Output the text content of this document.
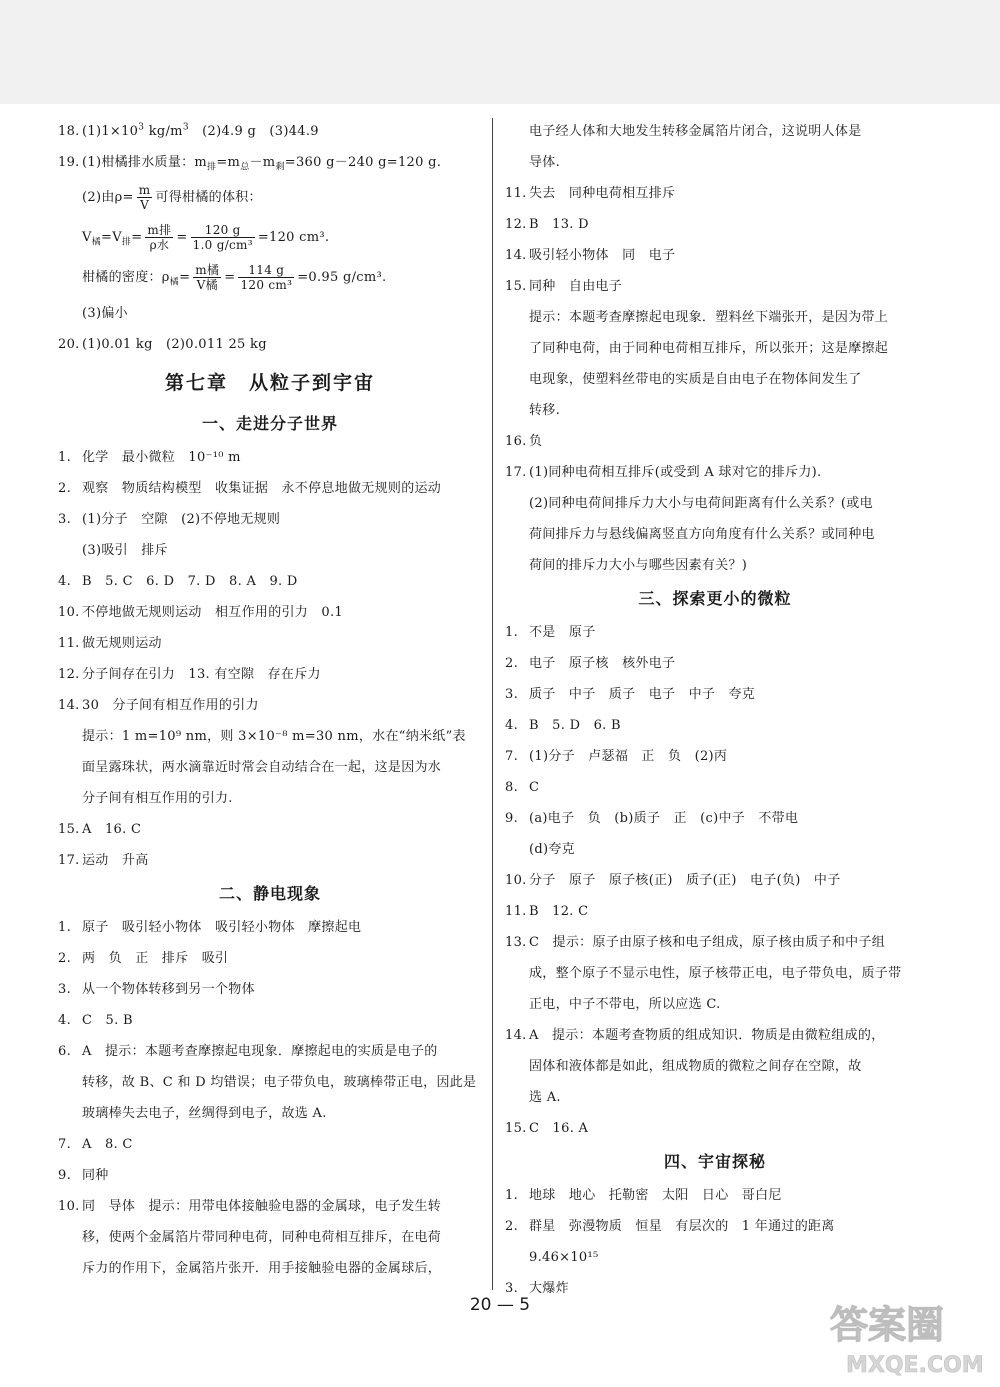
18. $(1)1\times 10^3$ $kg/m^3$　(2)4.9 g　(3)44.9
19. (1)柑橘排水质量：$m_排=m_总-m_剩=360$ g－240 g=120 g.
(2)由$\rho= \frac{m}{V}$ 可得柑橘的体积：
$V_橘=V_排= \frac{\text{m排}}{\text{ρ水}} = \frac{120 g}{\text{1.0 g/cm³}} =120$ cm³.
柑橘的密度：$\rho_橘= \frac{\text{m橘}}{\text{V橘}} = \frac{114 g}{\text{120 cm³}} =0.95$ g/cm³.
(3)偏小
20. (1)0.01 kg　(2)0.011 25 kg
第七章　从粒子到宇宙
一、走进分子世界
1. 化学　最小微粒　10⁻¹⁰ m
2. 观察　物质结构模型　收集证据　永不停息地做无规则的运动
3. (1)分子　空隙　(2)不停地无规则
(3)吸引　排斥
4. B　5. C　6. D　7. D　8. A　9. D
10. 不停地做无规则运动　相互作用的引力　0.1
11. 做无规则运动
12. 分子间存在引力　13. 有空隙　存在斥力
14. 30　分子间有相互作用的引力
提示：1 m=10⁹ nm，则 3×10⁻⁸ m=30 nm，水在“纳米纸”表
面呈露珠状，两水滴靠近时常会自动结合在一起，这是因为水
分子间有相互作用的引力.
15. A　16. C
17. 运动　升高
二、静电现象
1. 原子　吸引轻小物体　吸引轻小物体　摩擦起电
2. 两　负　正　排斥　吸引
3. 从一个物体转移到另一个物体
4. C　5. B
6. A　提示：本题考查摩擦起电现象．摩擦起电的实质是电子的
转移，故 B、C 和 D 均错误；电子带负电，玻璃棒带正电，因此是
玻璃棒失去电子，丝绸得到电子，故选 A.
7. A　8. C
9. 同种
10. 同　导体　提示：用带电体接触验电器的金属球，电子发生转
移，使两个金属箔片带同种电荷，同种电荷相互排斥，在电荷
斥力的作用下，金属箔片张开．用手接触验电器的金属球后，
电子经人体和大地发生转移金属箔片闭合，这说明人体是
导体.
11. 失去　同种电荷相互排斥
12. B　13. D
14. 吸引轻小物体　同　电子
15. 同种　自由电子
提示：本题考查摩擦起电现象．塑料丝下端张开，是因为带上
了同种电荷，由于同种电荷相互排斥，所以张开；这是摩擦起
电现象，使塑料丝带电的实质是自由电子在物体间发生了
转移.
16. 负
17. (1)同种电荷相互排斥(或受到 A 球对它的排斥力).
(2)同种电荷间排斥力大小与电荷间距离有什么关系？(或电
荷间排斥力与悬线偏离竖直方向角度有什么关系？或同种电
荷间的排斥力大小与哪些因素有关？)
三、探索更小的微粒
1. 不是　原子
2. 电子　原子核　核外电子
3. 质子　中子　质子　电子　中子　夸克
4. B　5. D　6. B
7. (1)分子　卢瑟福　正　负　(2)丙
8. C
9. (a)电子　负　(b)质子　正　(c)中子　不带电
(d)夸克
10. 分子　原子　原子核(正)　质子(正)　电子(负)　中子
11. B　12. C
13. C　提示：原子由原子核和电子组成，原子核由质子和中子组
成，整个原子不显示电性，原子核带正电，电子带负电，质子带
正电，中子不带电，所以应选 C.
14. A　提示：本题考查物质的组成知识．物质是由微粒组成的，
固体和液体都是如此，组成物质的微粒之间存在空隙，故
选 A.
15. C　16. A
四、宇宙探秘
1. 地球　地心　托勒密　太阳　日心　哥白尼
2. 群星　弥漫物质　恒星　有层次的　1 年通过的距离
9.46×10¹⁵
3. 大爆炸
20 — 5	答案圈
MXQE.COM
